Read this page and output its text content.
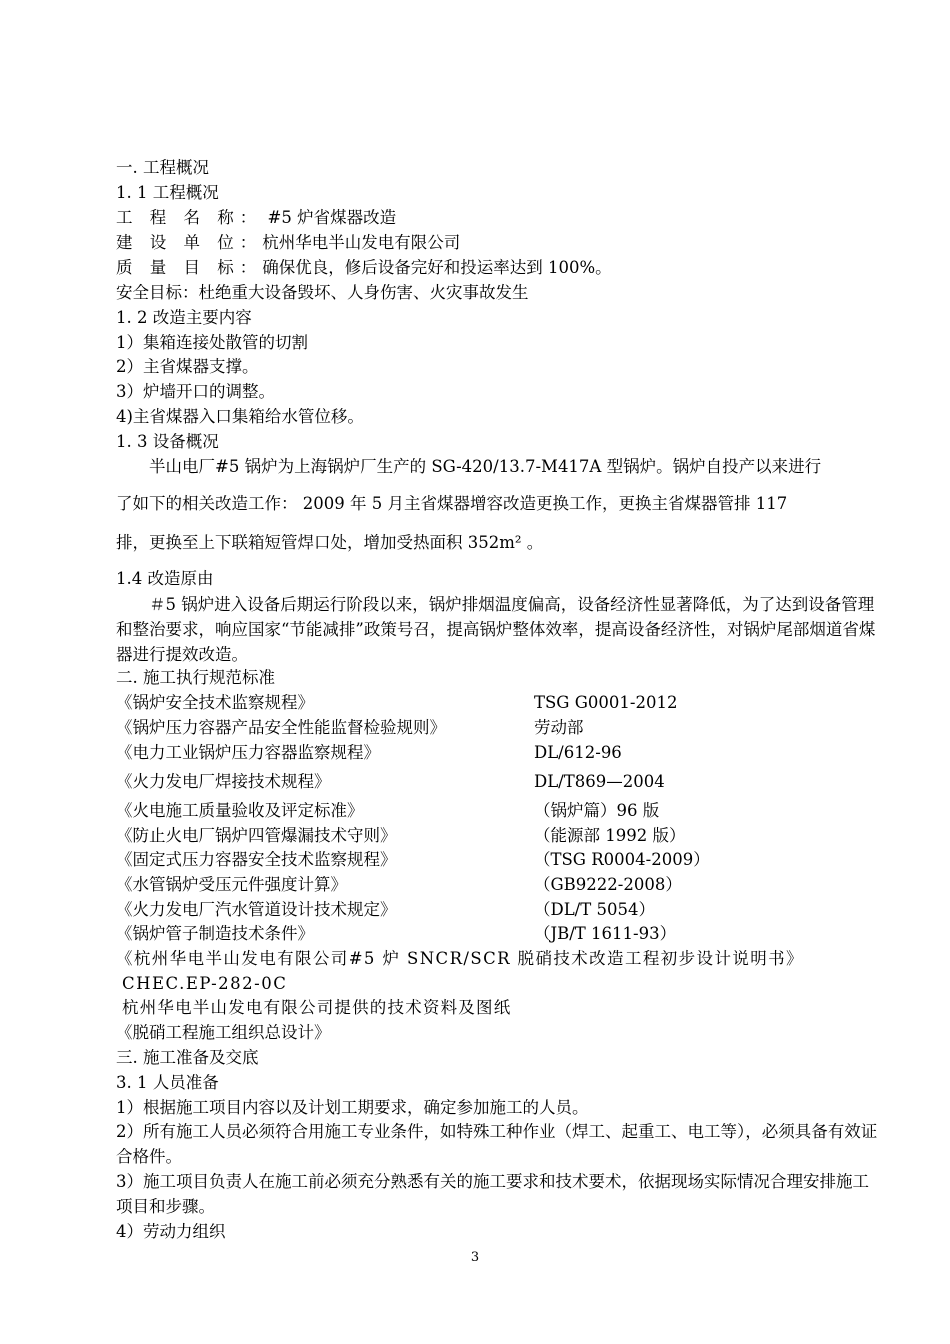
一. 工程概况
1. 1 工程概况
工 程 名 称： #5 炉省煤器改造
建 设 单 位：杭州华电半山发电有限公司
质 量 目 标：确保优良，修后设备完好和投运率达到 100%。
安全目标：杜绝重大设备毁坏、人身伤害、火灾事故发生
1. 2 改造主要内容
1）集箱连接处散管的切割
2）主省煤器支撑。
3）炉墙开口的调整。
4)主省煤器入口集箱给水管位移。
1. 3 设备概况
半山电厂#5 锅炉为上海锅炉厂生产的 SG-420/13.7-M417A 型锅炉。锅炉自投产以来进行
了如下的相关改造工作： 2009 年 5 月主省煤器增容改造更换工作，更换主省煤器管排 117
排，更换至上下联箱短管焊口处，增加受热面积 352m² 。
1.4 改造原由
＃5 锅炉进入设备后期运行阶段以来，锅炉排烟温度偏高，设备经济性显著降低，为了达到设备管理和整治要求，响应国家“节能减排”政策号召，提高锅炉整体效率，提高设备经济性，对锅炉尾部烟道省煤器进行提效改造。
二. 施工执行规范标准
《锅炉安全技术监察规程》	TSG G0001-2012
《锅炉压力容器产品安全性能监督检验规则》	劳动部
《电力工业锅炉压力容器监察规程》	DL/612-96
《火力发电厂焊接技术规程》	DL/T869—2004
《火电施工质量验收及评定标准》	（锅炉篇）96 版
《防止火电厂锅炉四管爆漏技术守则》	（能源部 1992 版）
《固定式压力容器安全技术监察规程》	（TSG R0004-2009）
《水管锅炉受压元件强度计算》	（GB9222-2008）
《火力发电厂汽水管道设计技术规定》	（DL/T 5054）
《锅炉管子制造技术条件》	（JB/T 1611-93）
《杭州华电半山发电有限公司#5 炉 SNCR/SCR 脱硝技术改造工程初步设计说明书》
CHEC.EP-282-0C
杭州华电半山发电有限公司提供的技术资料及图纸
《脱硝工程施工组织总设计》
三. 施工准备及交底
3. 1 人员准备
1）根据施工项目内容以及计划工期要求，确定参加施工的人员。
2）所有施工人员必须符合用施工专业条件，如特殊工种作业（焊工、起重工、电工等），必须具备有效证合格件。
3）施工项目负责人在施工前必须充分熟悉有关的施工要求和技术要术，依据现场实际情况合理安排施工项目和步骤。
4）劳动力组织
3
